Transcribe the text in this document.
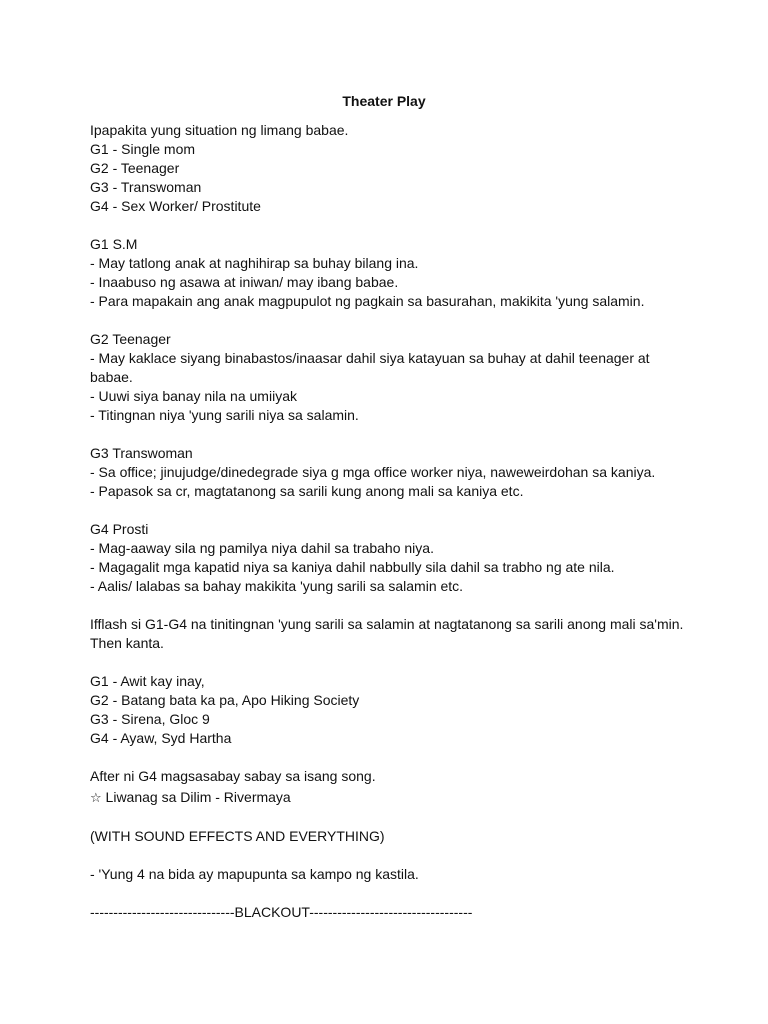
Theater Play
Ipapakita yung situation ng limang babae.
G1 - Single mom
G2 - Teenager
G3 - Transwoman
G4 - Sex Worker/ Prostitute
G1 S.M
- May tatlong anak at naghihirap sa buhay bilang ina.
- Inaabuso ng asawa at iniwan/ may ibang babae.
- Para mapakain ang anak magpupulot ng pagkain sa basurahan, makikita 'yung salamin.
G2 Teenager
- May kaklace siyang binabastos/inaasar dahil siya katayuan sa buhay at dahil teenager at
babae.
- Uuwi siya banay nila na umiiyak
- Titingnan niya 'yung sarili niya sa salamin.
G3 Transwoman
- Sa office; jinujudge/dinedegrade siya g mga office worker niya, naweweirdohan sa kaniya.
- Papasok sa cr, magtatanong sa sarili kung anong mali sa kaniya etc.
G4 Prosti
- Mag-aaway sila ng pamilya niya dahil sa trabaho niya.
- Magagalit mga kapatid niya sa kaniya dahil nabbully sila dahil sa trabho ng ate nila.
- Aalis/ lalabas sa bahay makikita 'yung sarili sa salamin etc.
Ifflash si G1-G4 na tinitingnan 'yung sarili sa salamin at nagtatanong sa sarili anong mali sa'min.
Then kanta.
G1 - Awit kay inay,
G2 - Batang bata ka pa, Apo Hiking Society
G3 - Sirena, Gloc 9
G4 - Ayaw, Syd Hartha
After ni G4 magsasabay sabay sa isang song.
☆ Liwanag sa Dilim - Rivermaya
(WITH SOUND EFFECTS AND EVERYTHING)
- 'Yung 4 na bida ay mapupunta sa kampo ng kastila.
-------------------------------BLACKOUT-----------------------------------
